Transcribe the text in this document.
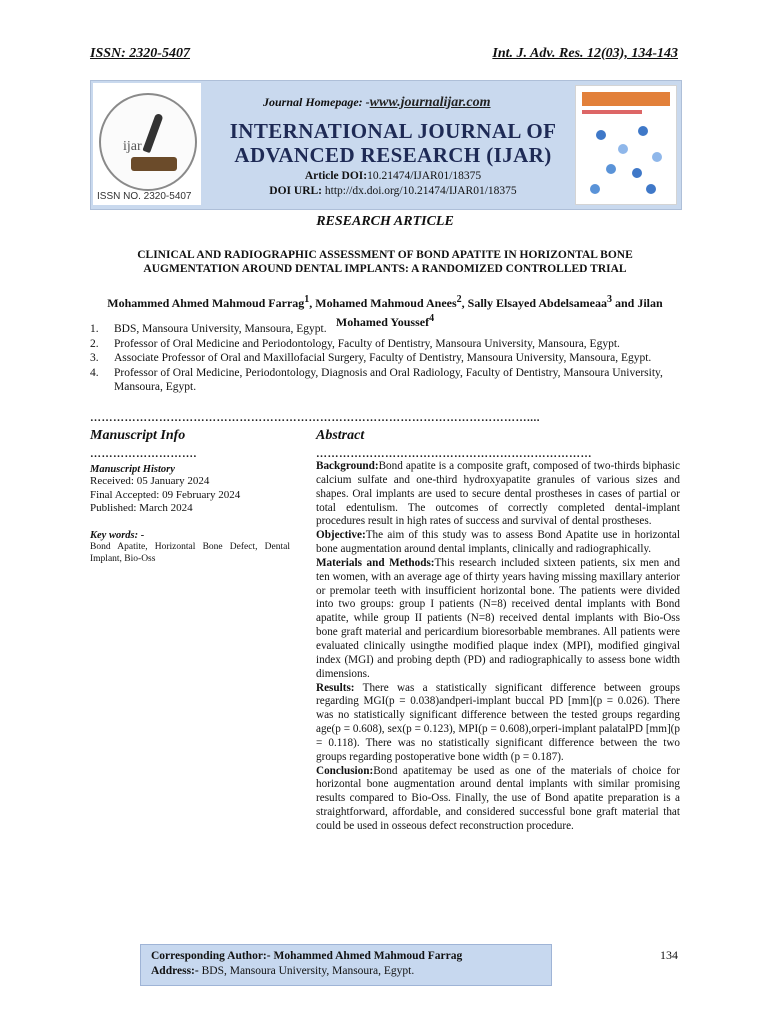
ISSN: 2320-5407	Int. J. Adv. Res. 12(03), 134-143
ijar
ISSN NO. 2320-5407
Journal Homepage: -www.journalijar.com
INTERNATIONAL JOURNAL OF
ADVANCED RESEARCH (IJAR)
Article DOI:10.21474/IJAR01/18375
DOI URL: http://dx.doi.org/10.21474/IJAR01/18375
RESEARCH ARTICLE
CLINICAL AND RADIOGRAPHIC ASSESSMENT OF BOND APATITE IN HORIZONTAL BONE
AUGMENTATION AROUND DENTAL IMPLANTS: A RANDOMIZED CONTROLLED TRIAL
Mohammed Ahmed Mahmoud Farrag$^1$, Mohamed Mahmoud Anees$^2$, Sally Elsayed Abdelsameaa$^3$ and Jilan
Mohamed Youssef$^4$
1.	BDS, Mansoura University, Mansoura, Egypt.
2.	Professor of Oral Medicine and Periodontology, Faculty of Dentistry, Mansoura University, Mansoura, Egypt.
3.	Associate Professor of Oral and Maxillofacial Surgery, Faculty of Dentistry, Mansoura University, Mansoura, Egypt.
4.	Professor of Oral Medicine, Periodontology, Diagnosis and Oral Radiology, Faculty of Dentistry, Mansoura University, Mansoura, Egypt.
……………………………………………………………………………………………………....
Manuscript Info
……………………….
Manuscript History
Received: 05 January 2024
Final Accepted: 09 February 2024
Published: March 2024
Key words: -
Bond Apatite, Horizontal Bone Defect, Dental Implant, Bio-Oss
Abstract
………………………………………………………………

Background:Bond apatite is a composite graft, composed of two-thirds biphasic calcium sulfate and one-third hydroxyapatite granules of various sizes and shapes. Oral implants are used to secure dental prostheses in cases of partial or total edentulism. The outcomes of correctly completed dental-implant procedures result in high rates of success and survival of dental prostheses.

Objective:The aim of this study was to assess Bond Apatite use in horizontal bone augmentation around dental implants, clinically and radiographically.

Materials and Methods:This research included sixteen patients, six men and ten women, with an average age of thirty years having missing maxillary anterior or premolar teeth with insufficient horizontal bone. The patients were divided into two groups: group I patients (N=8) received dental implants with Bond apatite, while group II patients (N=8) received dental implants with Bio-Oss bone graft material and pericardium bioresorbable membranes. All patients were evaluated clinically usingthe modified plaque index (MPI), modified gingival index (MGI) and probing depth (PD) and radiographically to assess bone width dimensions.

Results: There was a statistically significant difference between groups regarding MGI(p = 0.038)andperi-implant buccal PD [mm](p = 0.026). There was no statistically significant difference between the tested groups regarding age(p = 0.608), sex(p = 0.123), MPI(p = 0.608),orperi-implant palatalPD [mm](p = 0.118). There was no statistically significant difference between the two groups regarding postoperative bone width (p = 0.187).

Conclusion:Bond apatitemay be used as one of the materials of choice for horizontal bone augmentation around dental implants with similar promising results compared to Bio-Oss. Finally, the use of Bond apatite preparation is a straightforward, affordable, and considered successful bone graft material that could be used in osseous defect reconstruction procedure.

Corresponding Author:- Mohammed Ahmed Mahmoud Farrag
Address:- BDS, Mansoura University, Mansoura, Egypt.
134
